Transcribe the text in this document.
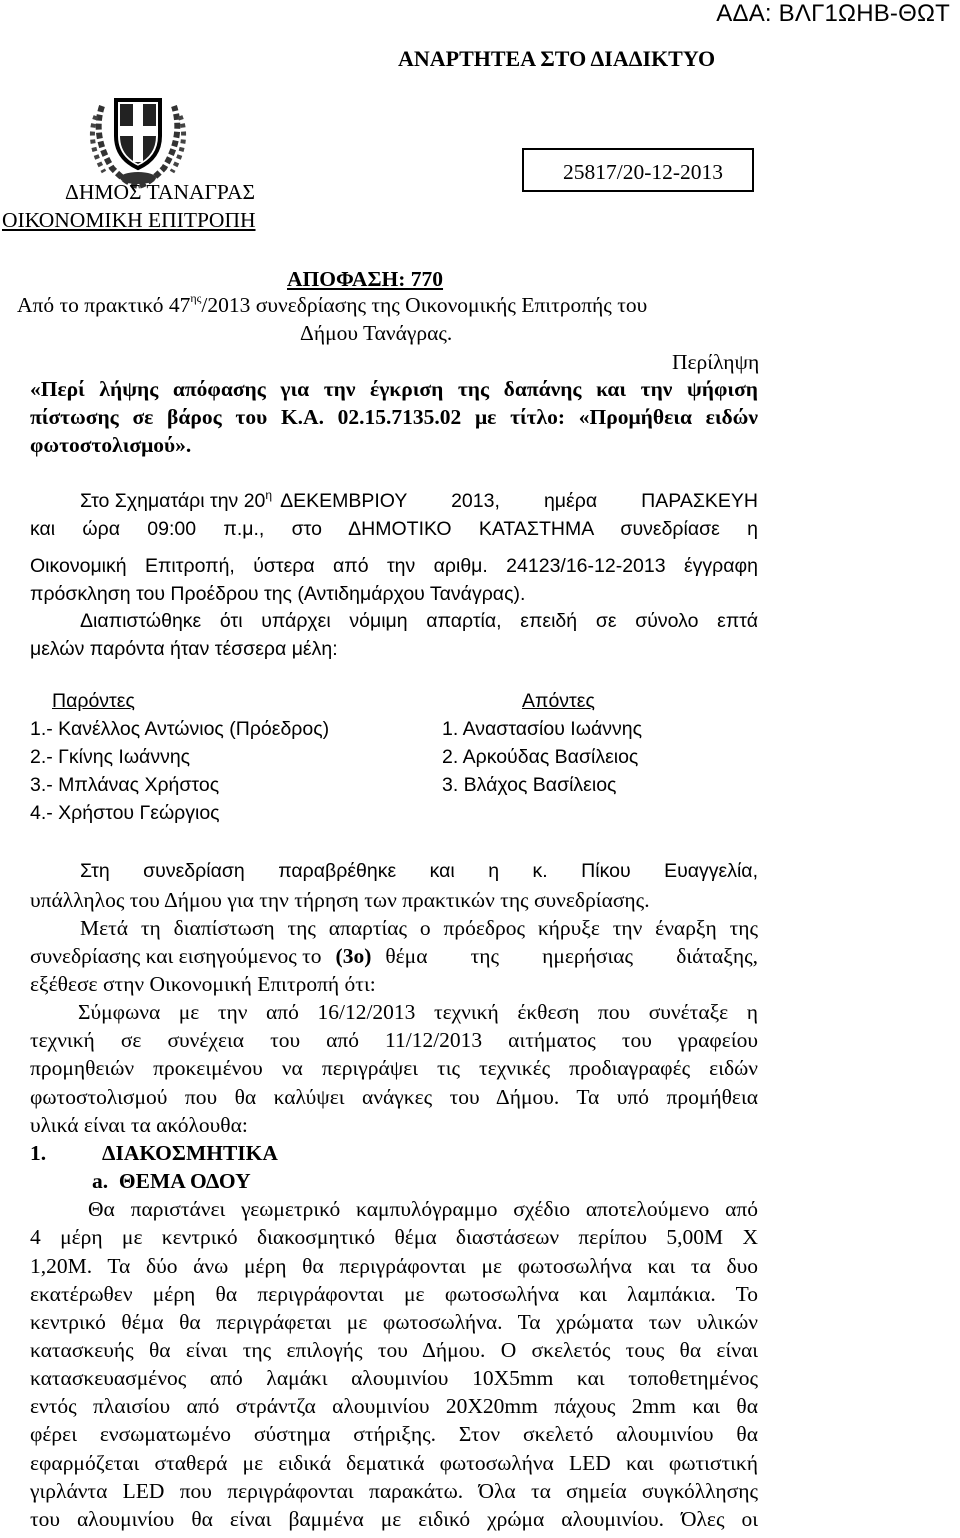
ΑΔΑ: ΒΛΓ1ΩΗΒ-ΘΩΤ
ΑΝΑΡΤΗΤΕΑ ΣΤΟ ΔΙΑΔΙΚΤΥΟ
25817/20-12-2013
ΔΗΜΟΣ ΤΑΝΑΓΡΑΣ
ΟΙΚΟΝΟΜΙΚΗ ΕΠΙΤΡΟΠΗ
ΑΠΟΦΑΣΗ: 770
Από το πρακτικό $47^{\eta\varsigma}/2013$ συνεδρίασης της Οικονομικής Επιτροπής του
Δήμου Τανάγρας.
Περίληψη
«Περί λήψης απόφασης για την έγκριση της δαπάνης και την ψήφιση
πίστωσης σε βάρος του Κ.Α. 02.15.7135.02 με τίτλο: «Προμήθεια ειδών
φωτοστολισμού».
Στο Σχηματάρι την $20^\eta$ ΔΕΚΕΜΒΡΙΟΥ 2013, ημέρα ΠΑΡΑΣΚΕΥΗ
και ώρα 09:00 π.μ., στο ΔΗΜΟΤΙΚΟ ΚΑΤΑΣΤΗΜΑ συνεδρίασε η
Οικονομική Επιτροπή, ύστερα από την αριθμ. 24123/16-12-2013 έγγραφη
πρόσκληση του Προέδρου της (Αντιδημάρχου Τανάγρας).
Διαπιστώθηκε ότι υπάρχει νόμιμη απαρτία, επειδή σε σύνολο επτά
μελών παρόντα ήταν τέσσερα μέλη:
Παρόντες	Απόντες
1.- Κανέλλος Αντώνιος (Πρόεδρος)
2.- Γκίνης Ιωάννης
3.- Μπλάνας Χρήστος
4.- Χρήστου Γεώργιος
1. Αναστασίου Ιωάννης
2. Αρκούδας Βασίλειος
3. Βλάχος Βασίλειος
Στη συνεδρίαση παραβρέθηκε και η κ. Πίκου Ευαγγελία,
υπάλληλος του Δήμου για την τήρηση των πρακτικών της συνεδρίασης.
Μετά τη διαπίστωση της απαρτίας ο πρόεδρος κήρυξε την έναρξη της
συνεδρίασης και εισηγούμενος το (3ο) θέμα της ημερήσιας διάταξης,
εξέθεσε στην Οικονομική Επιτροπή ότι:
Σύμφωνα με την από 16/12/2013 τεχνική έκθεση που συνέταξε η
τεχνική σε συνέχεια του από 11/12/2013 αιτήματος του γραφείου
προμηθειών προκειμένου να περιγράψει τις τεχνικές προδιαγραφές ειδών
φωτοστολισμού που θα καλύψει ανάγκες του Δήμου. Τα υπό προμήθεια
υλικά είναι τα ακόλουθα:
1.	ΔΙΑΚΟΣΜΗΤΙΚΑ
a.  ΘΕΜΑ ΟΔΟΥ
Θα παριστάνει γεωμετρικό καμπυλόγραμμο σχέδιο αποτελούμενο από
4 μέρη με κεντρικό διακοσμητικό θέμα διαστάσεων περίπου 5,00Μ Χ
1,20Μ. Τα δύο άνω μέρη θα περιγράφονται με φωτοσωλήνα και τα δυο
εκατέρωθεν μέρη θα περιγράφονται με φωτοσωλήνα και λαμπάκια. Το
κεντρικό θέμα θα περιγράφεται με φωτοσωλήνα. Τα χρώματα των υλικών
κατασκευής θα είναι της επιλογής του Δήμου. Ο σκελετός τους θα είναι
κατασκευασμένος από λαμάκι αλουμινίου 10Χ5mm και τοποθετημένος
εντός πλαισίου από στράντζα αλουμινίου 20Χ20mm πάχους 2mm και θα
φέρει ενσωματωμένο σύστημα στήριξης. Στον σκελετό αλουμινίου θα
εφαρμόζεται σταθερά με ειδικά δεματικά φωτοσωλήνα LED και φωτιστική
γιρλάντα LED που περιγράφονται παρακάτω. Όλα τα σημεία συγκόλλησης
του αλουμινίου θα είναι βαμμένα με ειδικό χρώμα αλουμινίου. Όλες οι
